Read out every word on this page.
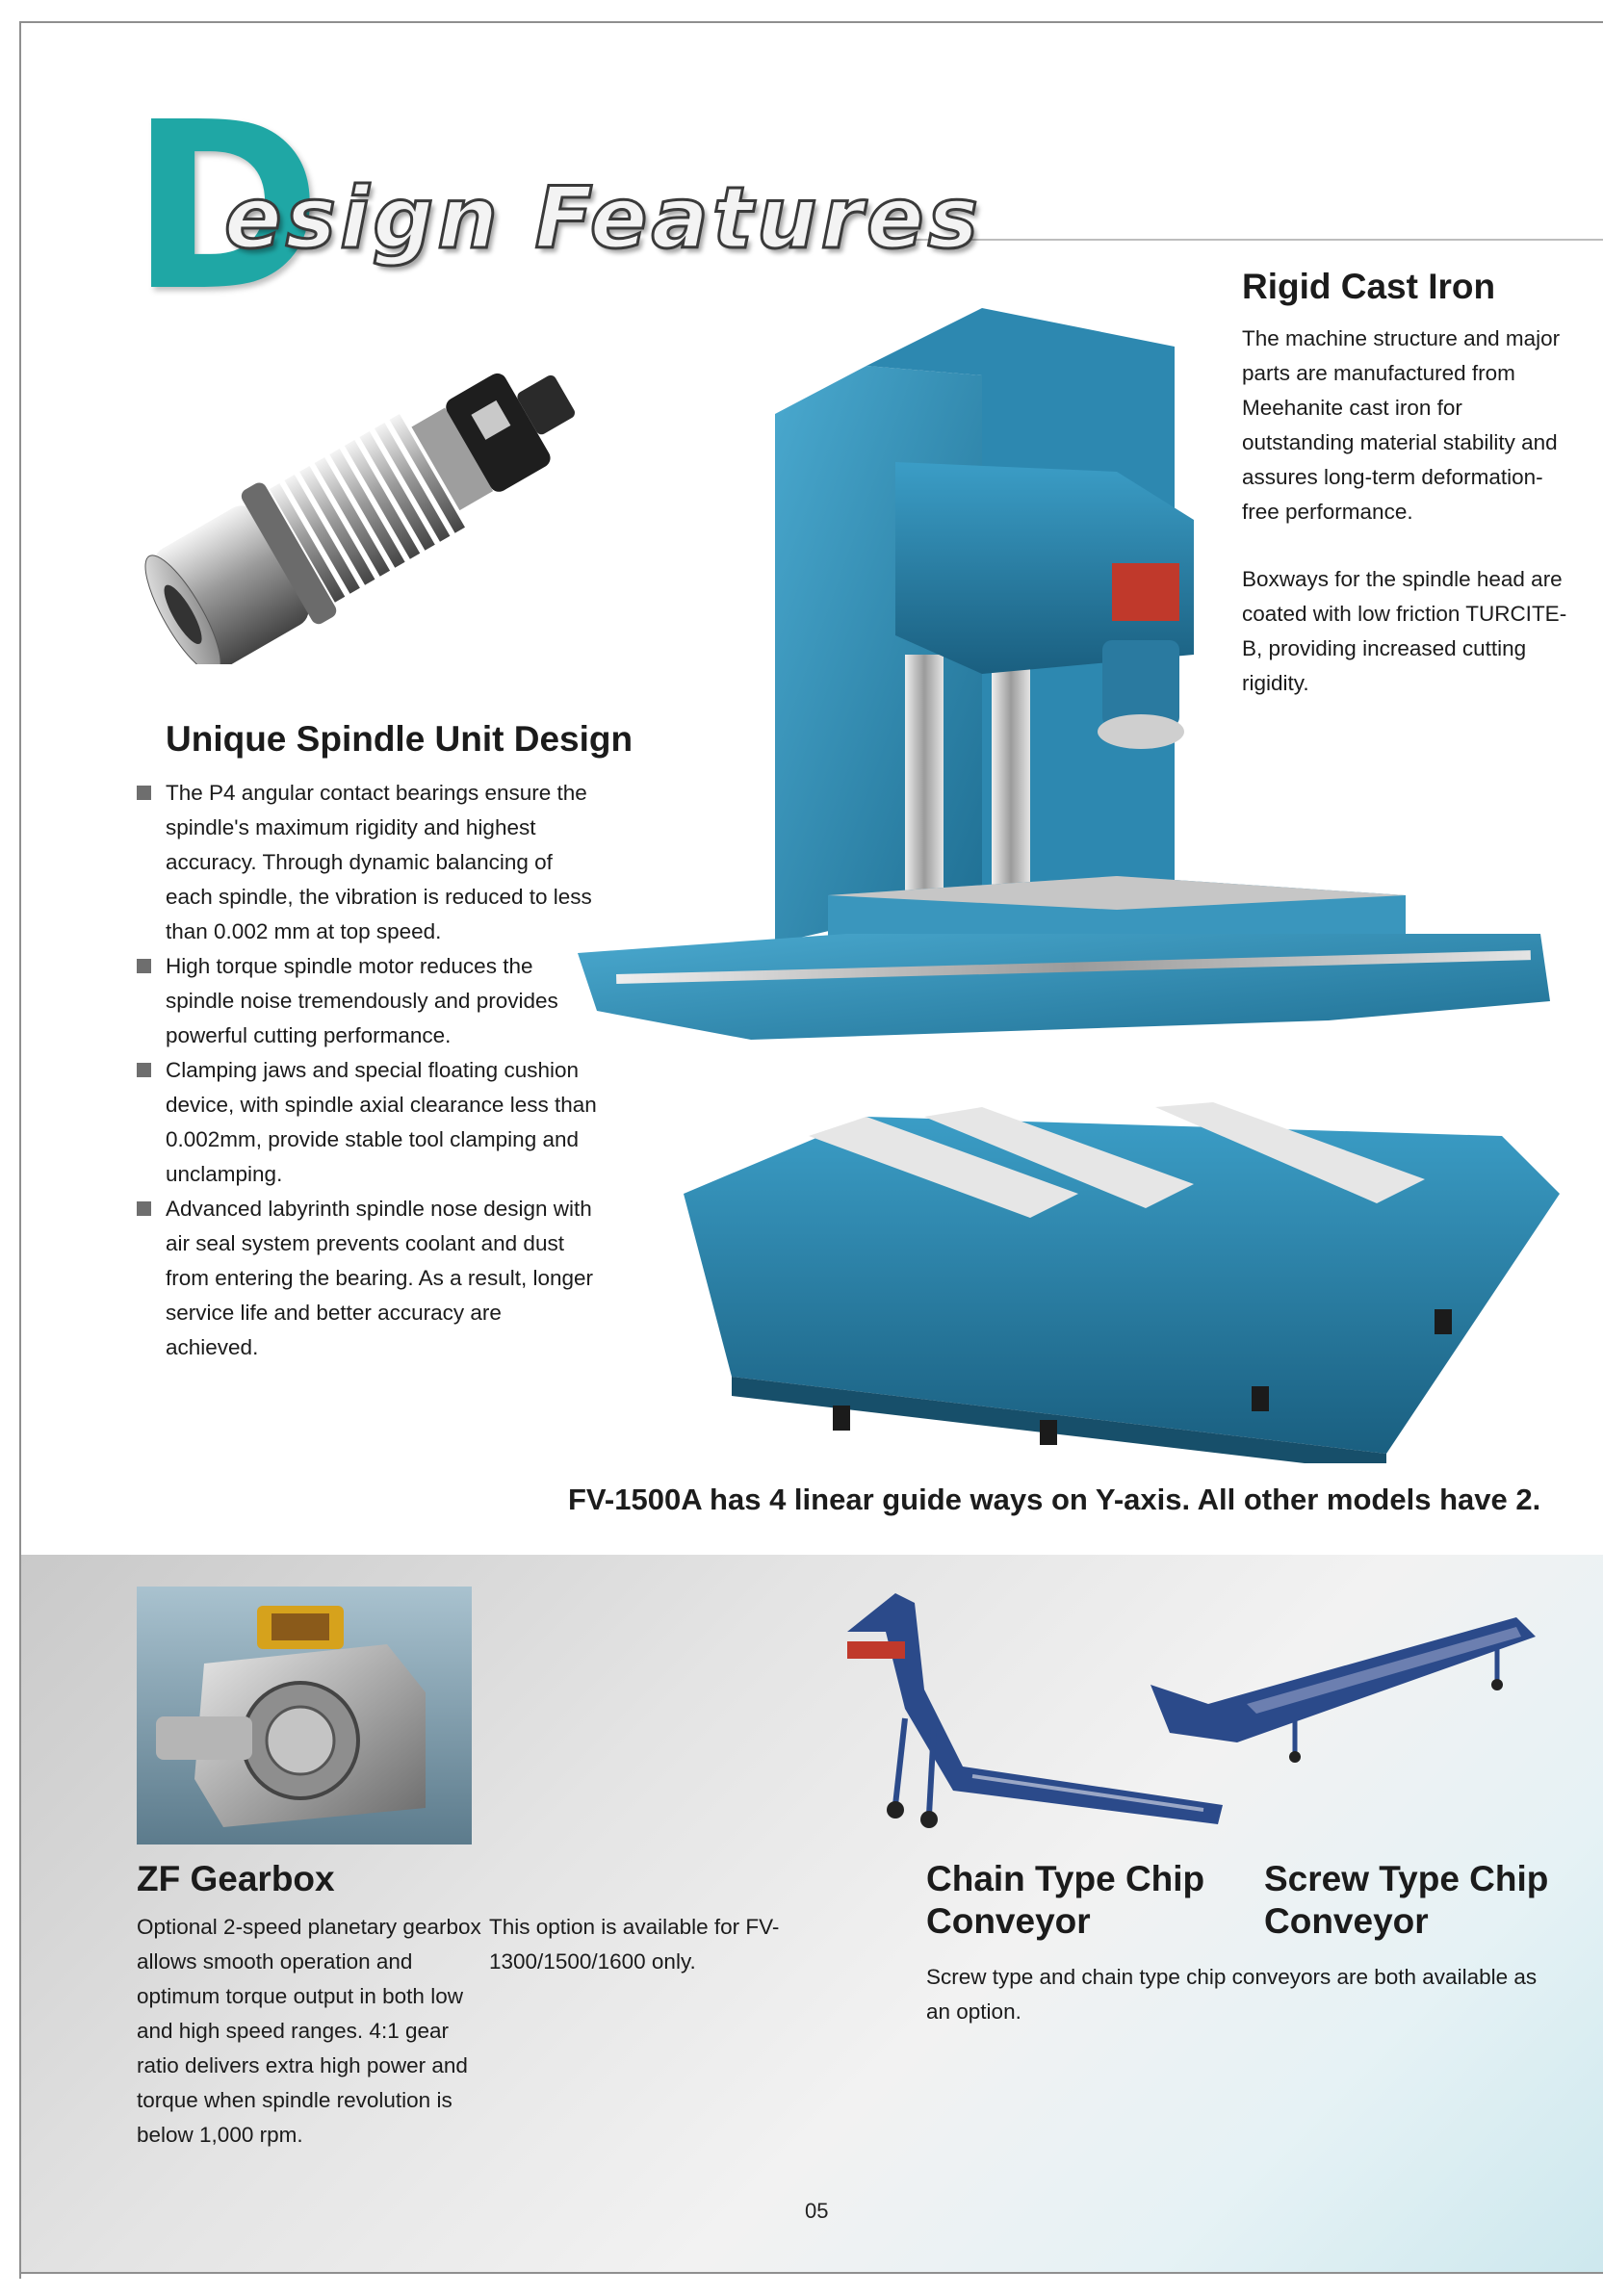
D
esign Features
Rigid Cast Iron
The machine structure and major parts are manufactured from Meehanite cast iron for outstanding material stability and assures long-term deformation-free performance.
Boxways for the spindle head are coated with low friction TURCITE-B, providing increased cutting rigidity.
Unique Spindle Unit Design
The P4 angular contact bearings ensure the spindle's maximum rigidity and highest accuracy. Through dynamic balancing of each spindle, the vibration is reduced to less than 0.002 mm at top speed.
High torque spindle motor reduces the spindle noise tremendously and provides powerful cutting performance.
Clamping jaws and special floating cushion device, with spindle axial clearance less than 0.002mm, provide stable tool clamping and unclamping.
Advanced labyrinth spindle nose design with air seal system prevents coolant and dust from entering the bearing. As a result, longer service life and better accuracy are achieved.
FV-1500A has 4 linear guide ways on Y-axis. All other models have 2.
ZF Gearbox
Optional 2-speed planetary gearbox allows smooth operation and optimum torque output in both low and high speed ranges. 4:1 gear ratio delivers extra high power and torque when spindle revolution is below 1,000 rpm.
This option is available for FV-1300/1500/1600 only.
Chain Type Chip Conveyor
Screw Type Chip Conveyor
Screw type and chain type chip conveyors are both available as an option.
05
